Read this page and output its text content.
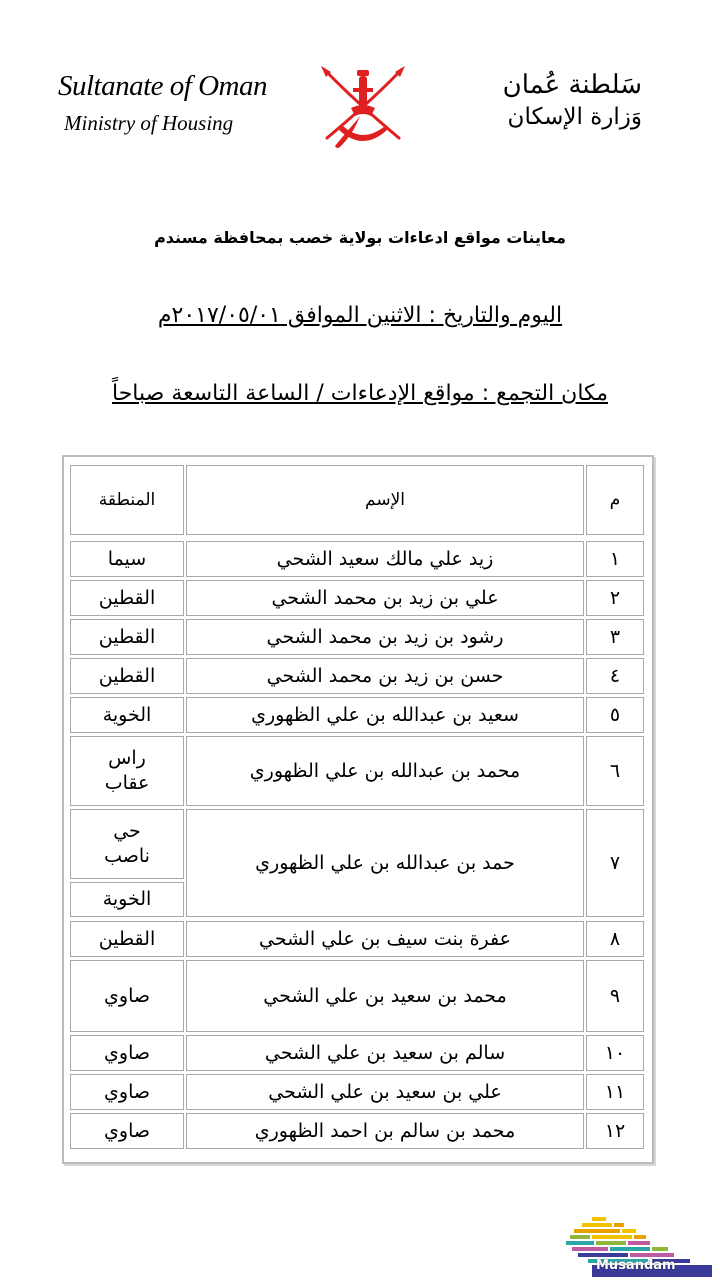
Sultanate of Oman
Ministry of Housing
سَلطنة عُمان
وَزارة الإسكان
معاينات مواقع ادعاءات بولاية خصب بمحافظة مسندم
اليوم والتاريخ : الاثنين الموافق ٢٠١٧/٠٥/٠١م
مكان التجمع : مواقع الإدعاءات / الساعة التاسعة صباحاً
م
الإسم
المنطقة
١
زيد علي مالك سعيد الشحي
سيما
٢
علي بن زيد بن محمد الشحي
القطين
٣
رشود بن زيد بن محمد الشحي
القطين
٤
حسن بن زيد بن محمد الشحي
القطين
٥
سعيد بن عبدالله بن علي الظهوري
الخوية
٦
محمد بن عبدالله بن علي الظهوري
راس عقاب
٧
حمد بن عبدالله بن علي الظهوري
حي ناصب
الخوية
٨
عفرة بنت سيف بن علي الشحي
القطين
٩
محمد بن سعيد بن علي الشحي
صاوي
١٠
سالم بن سعيد بن علي الشحي
صاوي
١١
علي بن سعيد بن علي الشحي
صاوي
١٢
محمد بن سالم بن احمد الظهوري
صاوي
Musandam
